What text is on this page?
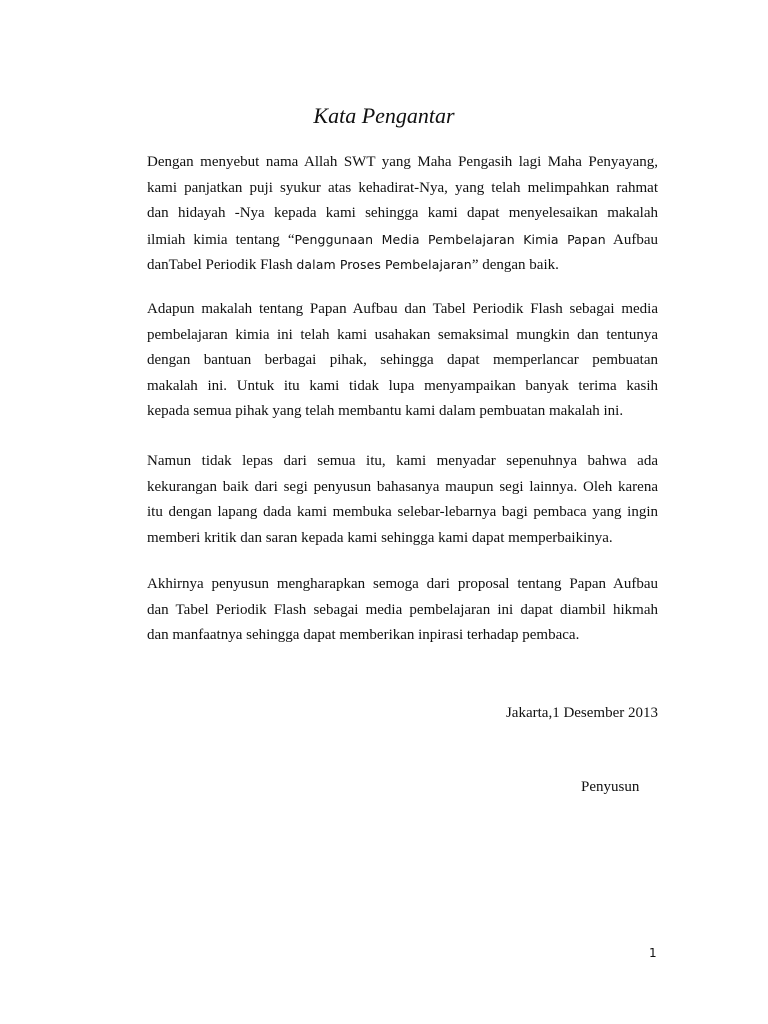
Kata Pengantar
Dengan menyebut nama Allah SWT yang Maha Pengasih lagi Maha Penyayang,
kami panjatkan puji syukur atas kehadirat-Nya, yang telah melimpahkan rahmat
dan hidayah -Nya kepada kami sehingga kami dapat menyelesaikan makalah
ilmiah kimia tentang “Penggunaan Media Pembelajaran Kimia Papan Aufbau
danTabel Periodik Flash dalam Proses Pembelajaran” dengan baik.
Adapun makalah tentang Papan Aufbau dan Tabel Periodik Flash sebagai media
pembelajaran kimia ini telah kami usahakan semaksimal mungkin dan tentunya
dengan bantuan berbagai pihak, sehingga dapat memperlancar pembuatan
makalah ini. Untuk itu kami tidak lupa menyampaikan banyak terima kasih
kepada semua pihak yang telah membantu kami dalam pembuatan makalah ini.
Namun tidak lepas dari semua itu, kami menyadar sepenuhnya bahwa ada
kekurangan baik dari segi penyusun bahasanya maupun segi lainnya. Oleh karena
itu dengan lapang dada kami membuka selebar-lebarnya bagi pembaca yang ingin
memberi kritik dan saran kepada kami sehingga kami dapat memperbaikinya.
Akhirnya penyusun mengharapkan semoga dari proposal tentang Papan Aufbau
dan Tabel Periodik Flash sebagai media pembelajaran ini dapat diambil hikmah
dan manfaatnya sehingga dapat memberikan inpirasi terhadap pembaca.
Jakarta,1 Desember 2013
Penyusun
1
